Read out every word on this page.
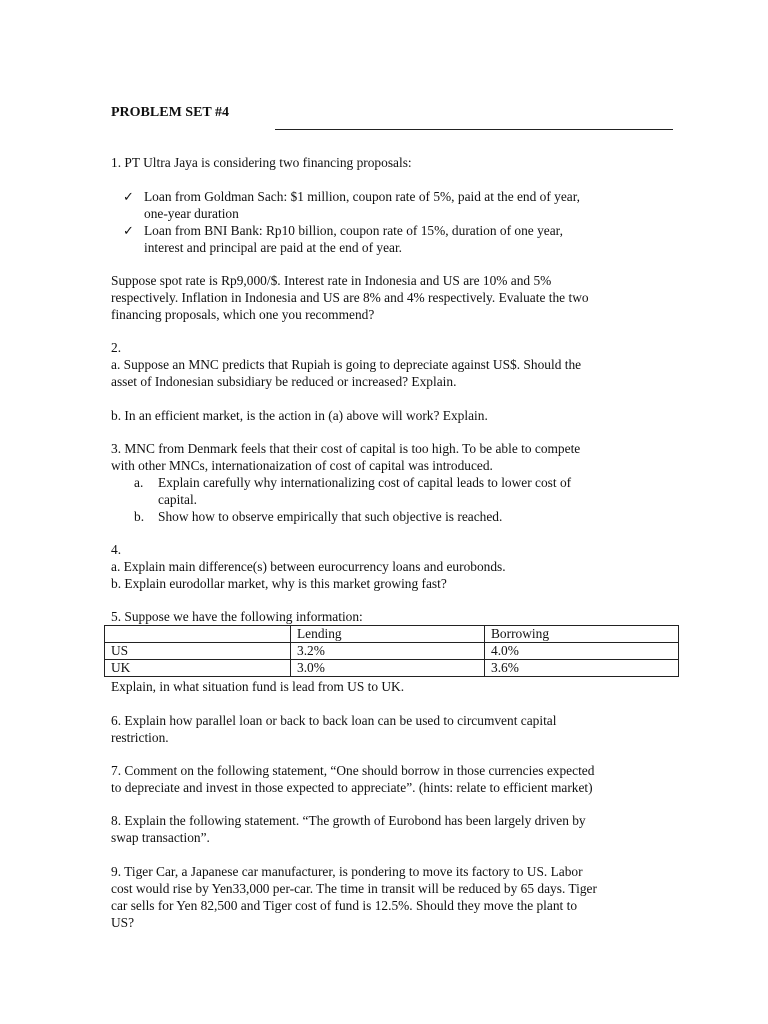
PROBLEM SET #4
1. PT Ultra Jaya is considering two financing proposals:
✓ Loan from Goldman Sach: $1 million, coupon rate of 5%, paid at the end of year,
one-year duration
✓ Loan from BNI Bank: Rp10 billion, coupon rate of 15%, duration of one year,
interest and principal are paid at the end of year.
Suppose spot rate is Rp9,000/$. Interest rate in Indonesia and US are 10% and 5%
respectively. Inflation in Indonesia and US are 8% and 4% respectively. Evaluate the two
financing proposals, which one you recommend?
2.
a. Suppose an MNC predicts that Rupiah is going to depreciate against US$. Should the
asset of Indonesian subsidiary be reduced or increased? Explain.
b. In an efficient market, is the action in (a) above will work? Explain.
3. MNC from Denmark feels that their cost of capital is too high. To be able to compete
with other MNCs, internationaization of cost of capital was introduced.
a. Explain carefully why internationalizing cost of capital leads to lower cost of
capital.
b. Show how to observe empirically that such objective is reached.
4.
a. Explain main difference(s) between eurocurrency loans and eurobonds.
b. Explain eurodollar market, why is this market growing fast?
5. Suppose we have the following information:
	Lending	Borrowing
US	3.2%	4.0%
UK	3.0%	3.6%
Explain, in what situation fund is lead from US to UK.
6. Explain how parallel loan or back to back loan can be used to circumvent capital
restriction.
7. Comment on the following statement, “One should borrow in those currencies expected
to depreciate and invest in those expected to appreciate”. (hints: relate to efficient market)
8. Explain the following statement. “The growth of Eurobond has been largely driven by
swap transaction”.
9. Tiger Car, a Japanese car manufacturer, is pondering to move its factory to US. Labor
cost would rise by Yen33,000 per-car. The time in transit will be reduced by 65 days. Tiger
car sells for Yen 82,500 and Tiger cost of fund is 12.5%. Should they move the plant to
US?
